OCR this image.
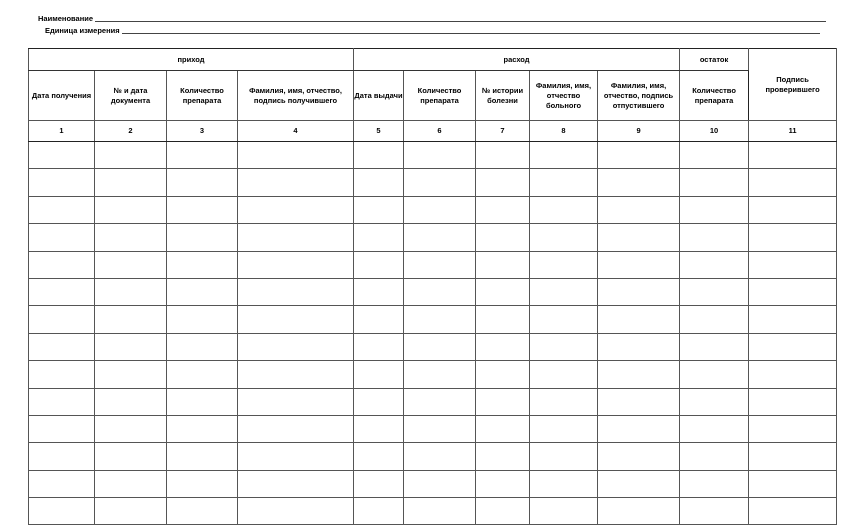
Наименование
Единица измерения
приход				расход					остаток	Подпись проверившего
Дата получения	№ и дата документа	Количество препарата	Фамилия, имя, отчество, подпись получившего	Дата выдачи	Количество препарата	№ истории болезни	Фамилия, имя, отчество больного	Фамилия, имя, отчество, подпись отпустившего	Количество препарата	
1	2	3	4	5	6	7	8	9	10	11
